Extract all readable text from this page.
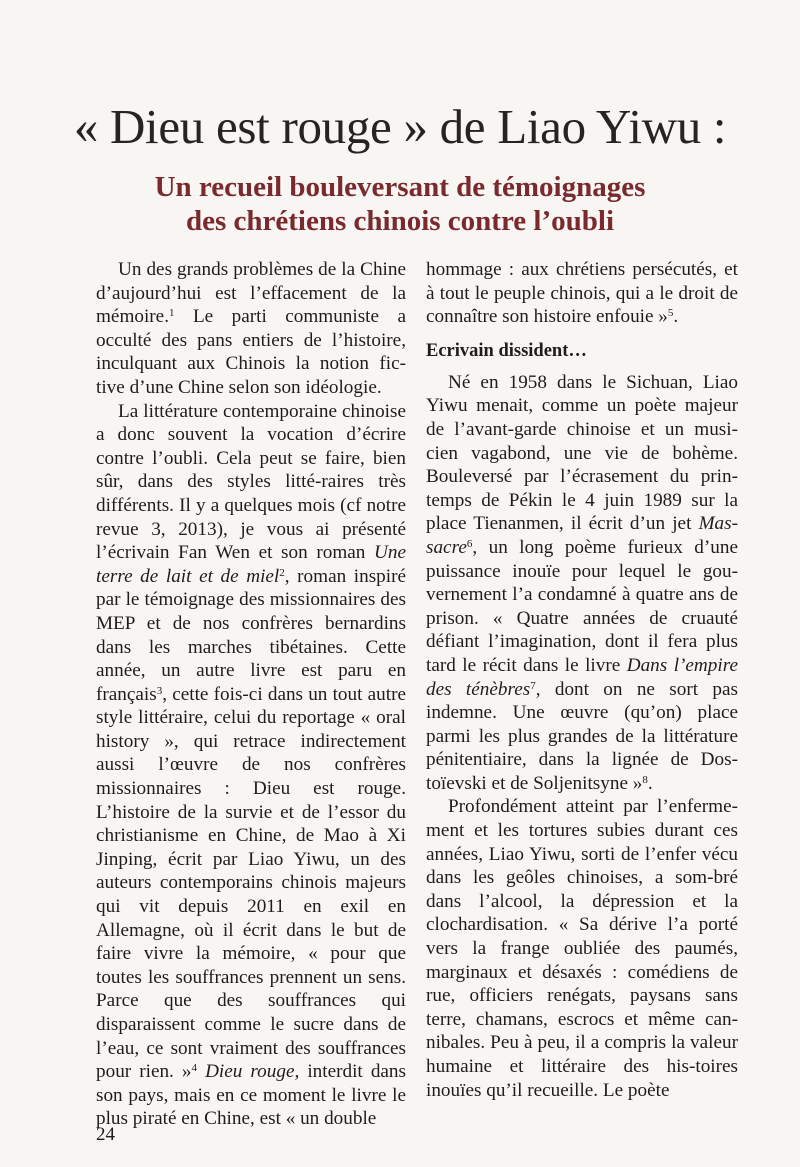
« Dieu est rouge » de Liao Yiwu :
Un recueil bouleversant de témoignages
des chrétiens chinois contre l’oubli

Un des grands problèmes de la Chine d’aujourd’hui est l’effacement de la mémoire.$^1$ Le parti communiste a occulté des pans entiers de l’histoire, inculquant aux Chinois la notion fic-tive d’une Chine selon son idéologie.

La littérature contemporaine chinoise a donc souvent la vocation d’écrire contre l’oubli. Cela peut se faire, bien sûr, dans des styles litté-raires très différents. Il y a quelques mois (cf notre revue 3, 2013), je vous ai présenté l’écrivain Fan Wen et son roman Une terre de lait et de miel$^2$, roman inspiré par le témoignage des missionnaires des MEP et de nos confrères bernardins dans les marches tibétaines. Cette année, un autre livre est paru en français$^3$, cette fois-ci dans un tout autre style littéraire, celui du reportage « oral history », qui retrace indirectement aussi l’œuvre de nos confrères missionnaires : Dieu est rouge. L’histoire de la survie et de l’essor du christianisme en Chine, de Mao à Xi Jinping, écrit par Liao Yiwu, un des auteurs contemporains chinois majeurs qui vit depuis 2011 en exil en Allemagne, où il écrit dans le but de faire vivre la mémoire, « pour que toutes les souffrances prennent un sens. Parce que des souffrances qui disparaissent comme le sucre dans de l’eau, ce sont vraiment des souffrances pour rien. »$^4$ Dieu rouge, interdit dans son pays, mais en ce moment le livre le plus piraté en Chine, est « un double

hommage : aux chrétiens persécutés, et à tout le peuple chinois, qui a le droit de connaître son histoire enfouie »$^5$.

Ecrivain dissident…

Né en 1958 dans le Sichuan, Liao Yiwu menait, comme un poète majeur de l’avant-garde chinoise et un musi-cien vagabond, une vie de bohème. Bouleversé par l’écrasement du prin-temps de Pékin le 4 juin 1989 sur la place Tienanmen, il écrit d’un jet Mas-sacre$^6$, un long poème furieux d’une puissance inouïe pour lequel le gou-vernement l’a condamné à quatre ans de prison. « Quatre années de cruauté défiant l’imagination, dont il fera plus tard le récit dans le livre Dans l’empire des ténèbres$^7$, dont on ne sort pas indemne. Une œuvre (qu’on) place parmi les plus grandes de la littérature pénitentiaire, dans la lignée de Dos-toïevski et de Soljenitsyne »$^8$.

Profondément atteint par l’enferme-ment et les tortures subies durant ces années, Liao Yiwu, sorti de l’enfer vécu dans les geôles chinoises, a som-bré dans l’alcool, la dépression et la clochardisation. « Sa dérive l’a porté vers la frange oubliée des paumés, marginaux et désaxés : comédiens de rue, officiers renégats, paysans sans terre, chamans, escrocs et même can-nibales. Peu à peu, il a compris la valeur humaine et littéraire des his-toires inouïes qu’il recueille. Le poète

24
